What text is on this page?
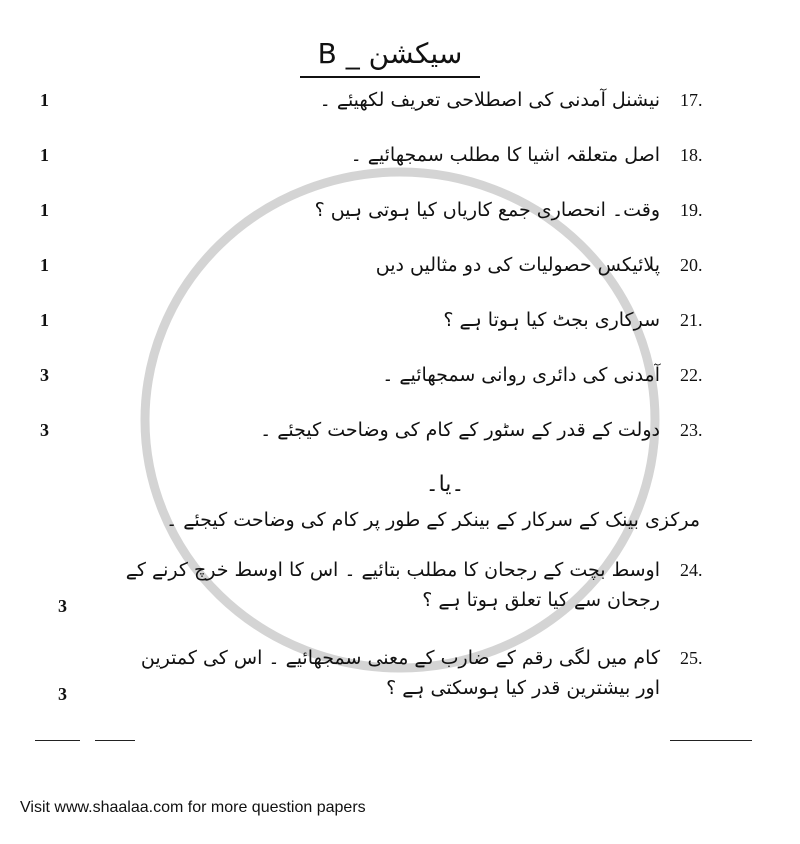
سیکشن _ B
1	نیشنل آمدنی کی اصطلاحی تعریف لکھیئے ۔	17.
1	اصل متعلقہ اشیا کا مطلب سمجھائیے ۔	18.
1	وقت۔ انحصاری جمع کاریاں کیا ہوتی ہیں ؟	19.
1	پلائیکس حصولیات کی دو مثالیں دیں	20.
1	سرکاری بجٹ کیا ہوتا ہے ؟	21.
3	آمدنی کی دائری روانی سمجھائیے ۔	22.
3	دولت کے قدر کے سٹور کے کام کی وضاحت کیجئے ۔	23.
۔یا۔
مرکزی بینک کے سرکار کے بینکر کے طور پر کام کی وضاحت کیجئے ۔
3
اوسط بچت کے رجحان کا مطلب بتائیے ۔ اس کا اوسط خرچ کرنے کے رجحان سے کیا تعلق ہوتا ہے ؟
24.
3
کام میں لگی رقم کے ضارب کے معنی سمجھائیے ۔ اس کی کمترین اور بیشترین قدر کیا ہوسکتی ہے ؟
25.
Visit www.shaalaa.com for more question papers
